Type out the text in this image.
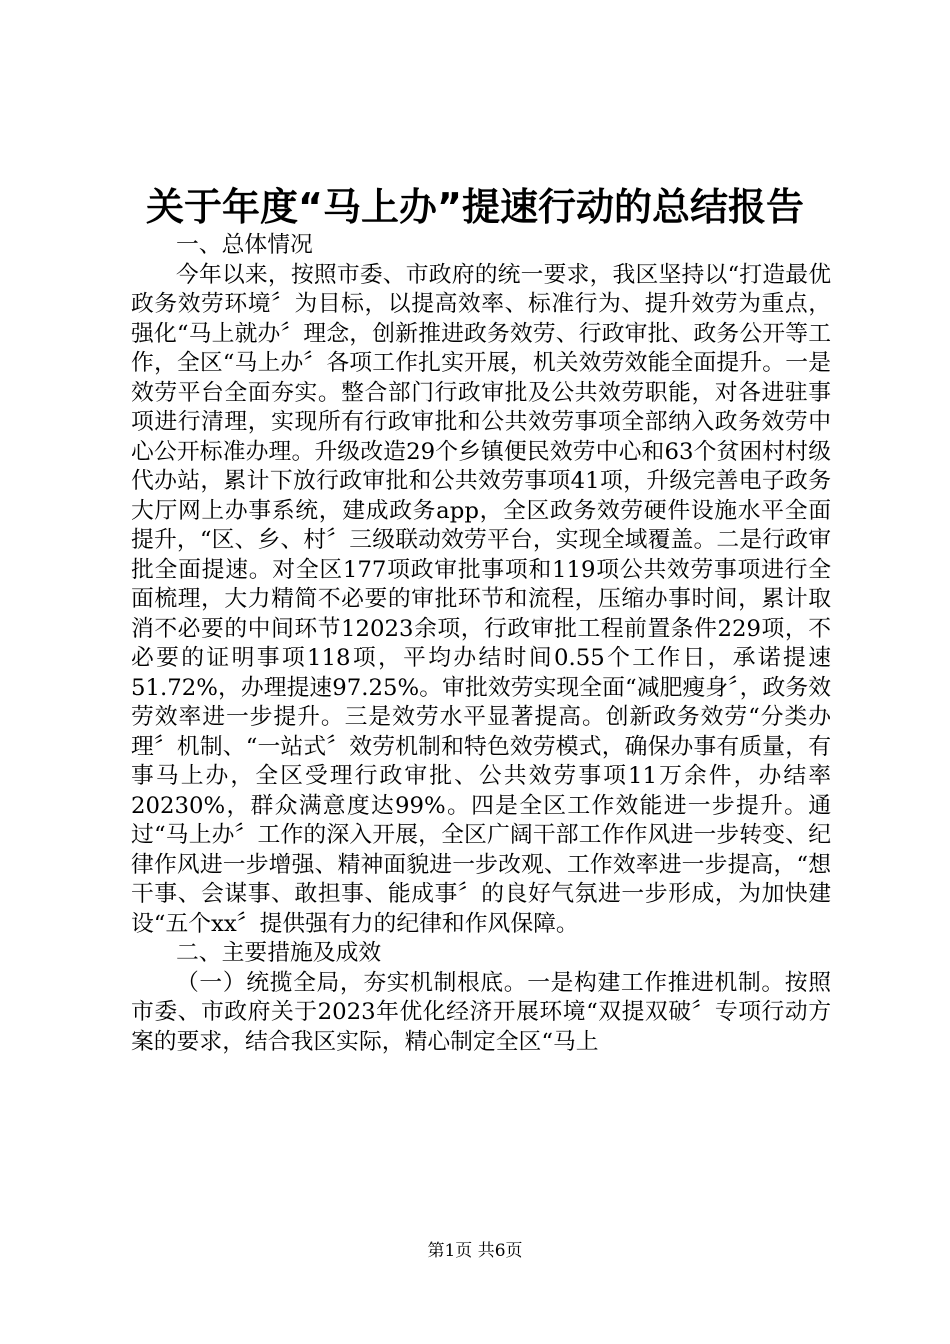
关于年度“马上办”提速行动的总结报告

一、总体情况

今年以来，按照市委、市政府的统一要求，我区坚持以“打造最优政务效劳环境〞为目标，以提高效率、标准行为、提升效劳为重点，强化“马上就办〞理念，创新推进政务效劳、行政审批、政务公开等工作，全区“马上办〞各项工作扎实开展，机关效劳效能全面提升。一是效劳平台全面夯实。整合部门行政审批及公共效劳职能，对各进驻事项进行清理，实现所有行政审批和公共效劳事项全部纳入政务效劳中心公开标准办理。升级改造29个乡镇便民效劳中心和63个贫困村村级代办站，累计下放行政审批和公共效劳事项41项，升级完善电子政务大厅网上办事系统，建成政务app，全区政务效劳硬件设施水平全面提升，“区、乡、村〞三级联动效劳平台，实现全域覆盖。二是行政审批全面提速。对全区177项政审批事项和119项公共效劳事项进行全面梳理，大力精简不必要的审批环节和流程，压缩办事时间，累计取消不必要的中间环节12023余项，行政审批工程前置条件229项，不必要的证明事项118项，平均办结时间0.55个工作日，承诺提速51.72%，办理提速97.25%。审批效劳实现全面“减肥瘦身〞，政务效劳效率进一步提升。三是效劳水平显著提高。创新政务效劳“分类办理〞机制、“一站式〞效劳机制和特色效劳模式，确保办事有质量，有事马上办，全区受理行政审批、公共效劳事项11万余件，办结率20230%，群众满意度达99%。四是全区工作效能进一步提升。通过“马上办〞工作的深入开展，全区广阔干部工作作风进一步转变、纪律作风进一步增强、精神面貌进一步改观、工作效率进一步提高，“想干事、会谋事、敢担事、能成事〞的良好气氛进一步形成，为加快建设“五个xx〞提供强有力的纪律和作风保障。

二、主要措施及成效

（一）统揽全局，夯实机制根底。一是构建工作推进机制。按照市委、市政府关于2023年优化经济开展环境“双提双破〞专项行动方案的要求，结合我区实际，精心制定全区“马上

第1页 共6页
